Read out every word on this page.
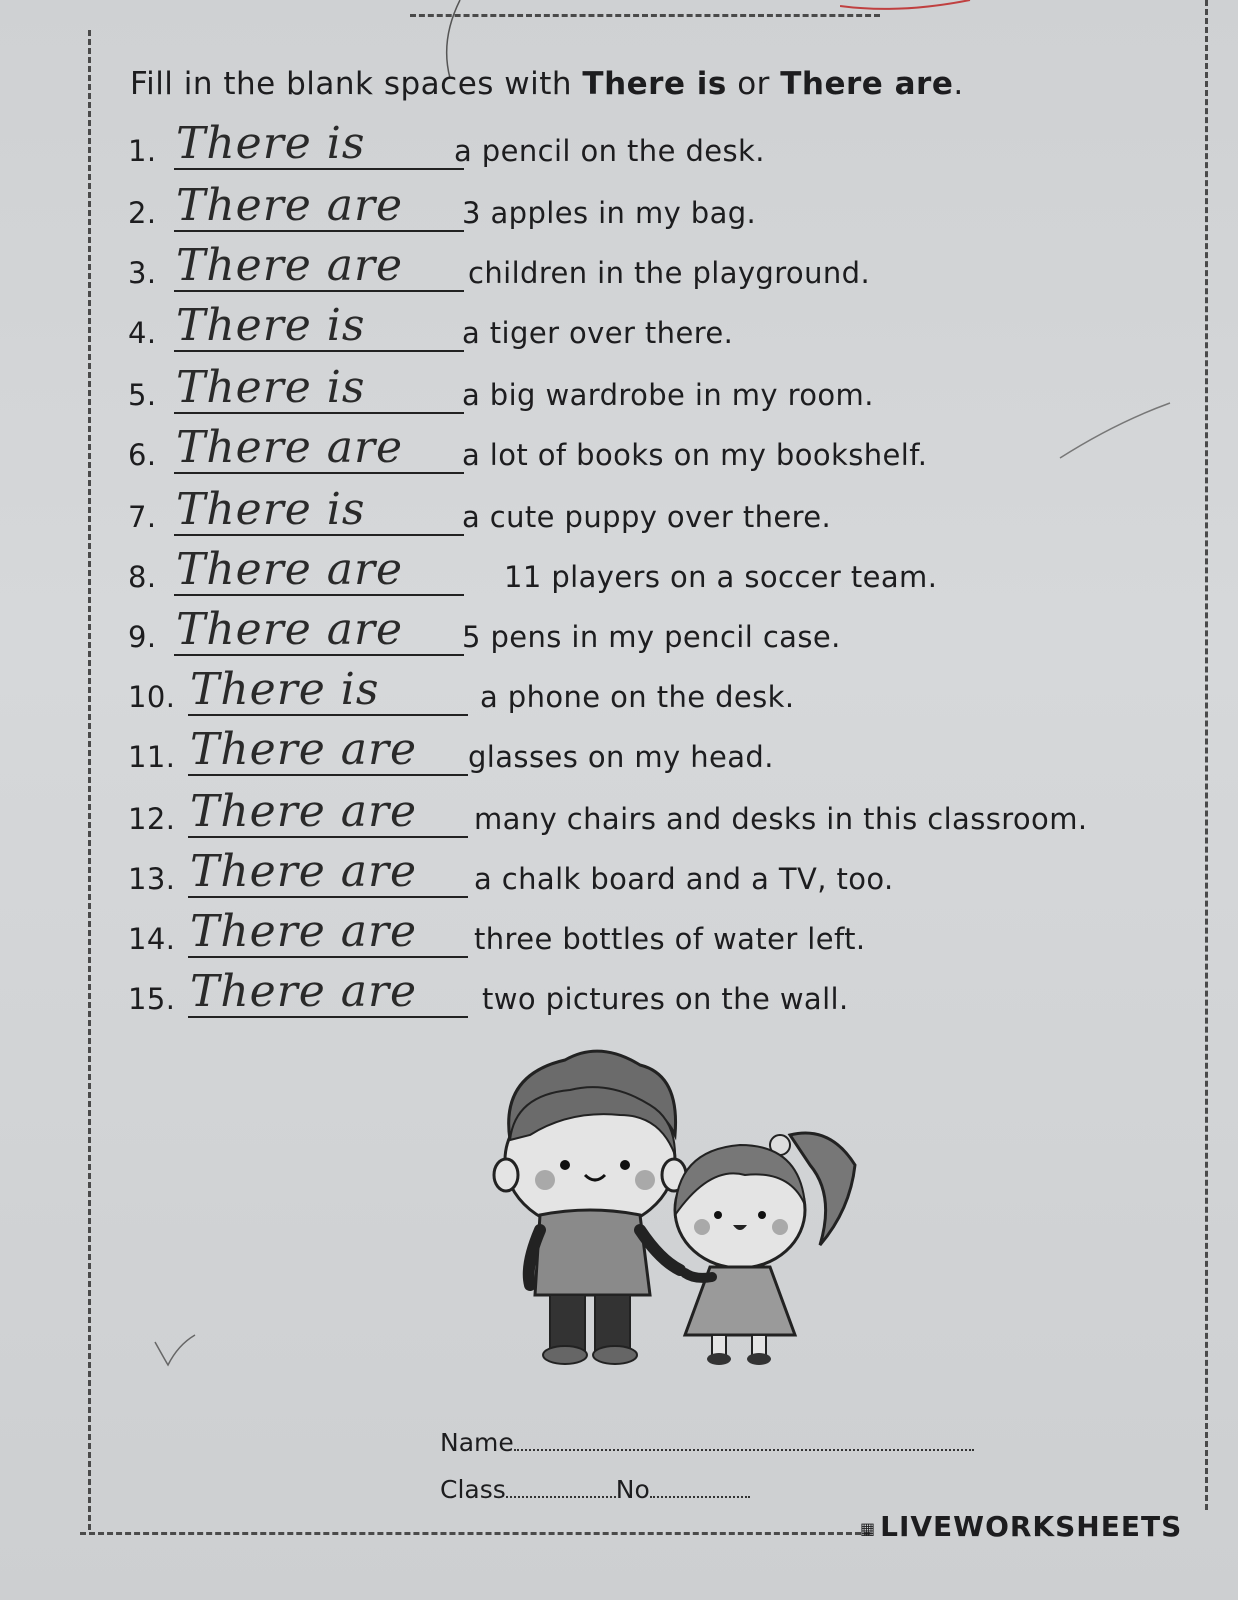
Fill in the blank spaces with There is or There are.
1. There is	a pencil on the desk.
2. There are 3 apples in my bag.
3. There are children in the playground.
4. There is	a tiger over there.
5. There is	a big wardrobe in my room.
6. There are a lot of books on my bookshelf.
7. There is	a cute puppy over there.
8. There are	11 players on a soccer team.
9. There are 5 pens in my pencil case.
10. There is	a phone on the desk.
11. There are glasses on my head.
12. There are many chairs and desks in this classroom.
13. There are a chalk board and a TV, too.
14. There are three bottles of water left.
15. There are two pictures on the wall.
Name
Class	No
▦ LIVEWORKSHEETS
